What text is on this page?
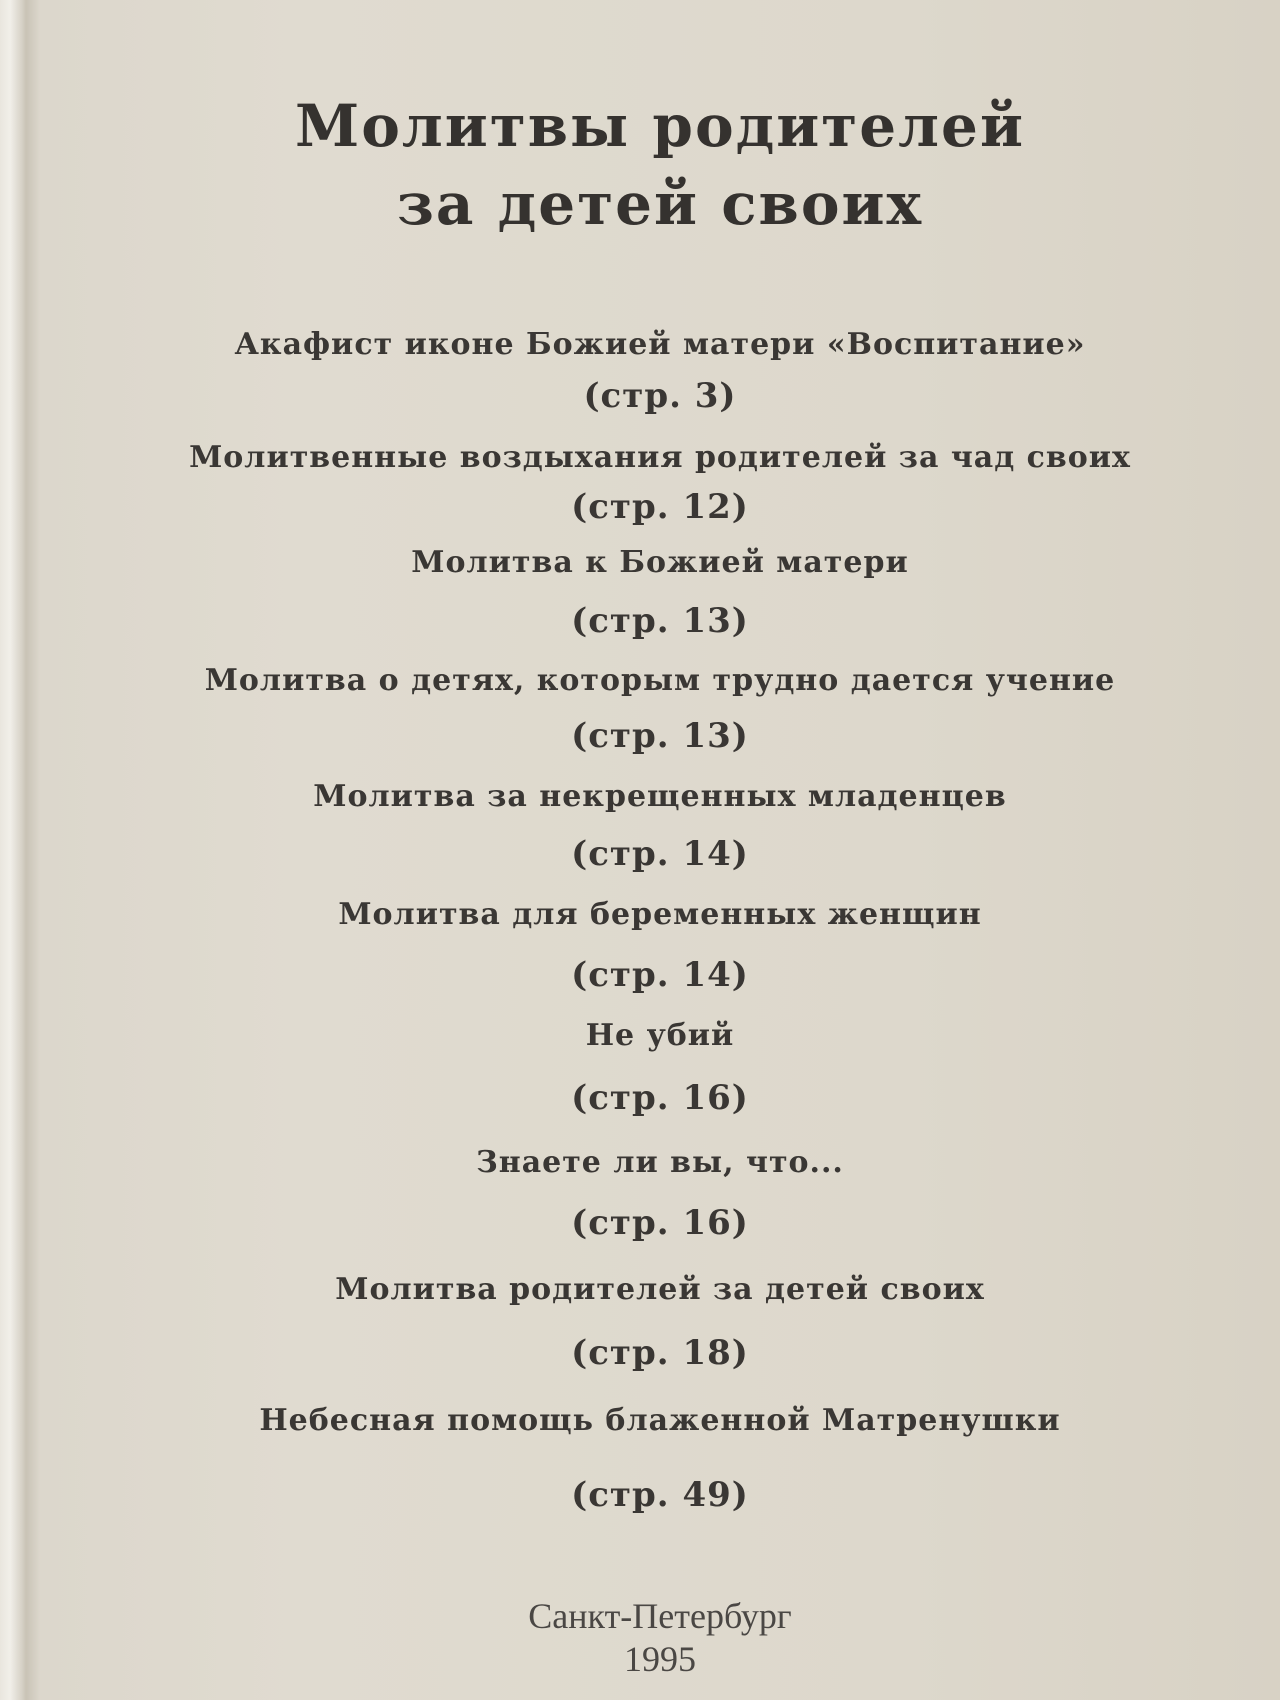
Молитвы родителей
за детей своих
Акафист иконе Божией матери «Воспитание»
(стр. 3)
Молитвенные воздыхания родителей за чад своих
(стр. 12)
Молитва к Божией матери
(стр. 13)
Молитва о детях, которым трудно дается учение
(стр. 13)
Молитва за некрещенных младенцев
(стр. 14)
Молитва для беременных женщин
(стр. 14)
Не убий
(стр. 16)
Знаете ли вы, что...
(стр. 16)
Молитва родителей за детей своих
(стр. 18)
Небесная помощь блаженной Матренушки
(стр. 49)
Санкт-Петербург
1995
